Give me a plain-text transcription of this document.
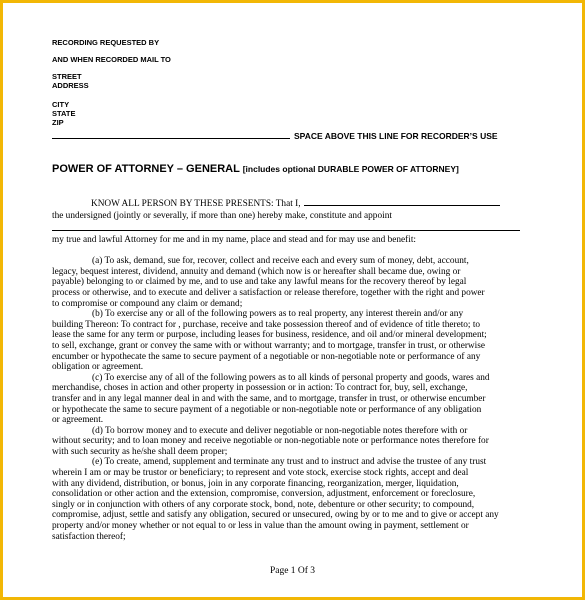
RECORDING REQUESTED BY
AND WHEN RECORDED MAIL TO
STREET
ADDRESS
CITY
STATE
ZIP
SPACE ABOVE THIS LINE FOR RECORDER’S USE
POWER OF ATTORNEY – GENERAL [includes optional DURABLE POWER OF ATTORNEY]
KNOW ALL PERSON BY THESE PRESENTS: That I,
the undersigned (jointly or severally, if more than one) hereby make, constitute and appoint
my true and lawful Attorney for me and in my name, place and stead and for may use and benefit:
(a) To ask, demand, sue for, recover, collect and receive each and every sum of money, debt, account,
legacy, bequest interest, dividend, annuity and demand (which now is or hereafter shall became due, owing or
payable) belonging to or claimed by me, and to use and take any lawful means for the recovery thereof by legal
process or otherwise, and to execute and deliver a satisfaction or release therefore, together with the right and power
to compromise or compound any claim or demand;
(b) To exercise any or all of the following powers as to real property, any interest therein and/or any
building Thereon: To contract for , purchase, receive and take possession thereof and of evidence of title thereto; to
lease the same for any term or purpose, including leases for business, residence, and oil and/or mineral development;
to sell, exchange, grant or convey the same with or without warranty; and to mortgage, transfer in trust, or otherwise
encumber or hypothecate the same to secure payment of a negotiable or non-negotiable note or performance of any
obligation or agreement.
(c) To exercise any of all of the following powers as to all kinds of personal property and goods, wares and
merchandise, choses in action and other property in possession or in action: To contract for, buy, sell, exchange,
transfer and in any legal manner deal in and with the same, and to mortgage, transfer in trust, or otherwise encumber
or hypothecate the same to secure payment of a negotiable or non-negotiable note or performance of any obligation
or agreement.
(d) To borrow money and to execute and deliver negotiable or non-negotiable notes therefore with or
without security; and to loan money and receive negotiable or non-negotiable note or performance notes therefore for
with such security as he/she shall deem proper;
(e) To create, amend, supplement and terminate any trust and to instruct and advise the trustee of any trust
wherein I am or may be trustor or beneficiary; to represent and vote stock, exercise stock rights, accept and deal
with any dividend, distribution, or bonus, join in any corporate financing, reorganization, merger, liquidation,
consolidation or other action and the extension, compromise, conversion, adjustment, enforcement or foreclosure,
singly or in conjunction with others of any corporate stock, bond, note, debenture or other security; to compound,
compromise, adjust, settle and satisfy any obligation, secured or unsecured, owing by or to me and to give or accept any
property and/or money whether or not equal to or less in value than the amount owing in payment, settlement or
satisfaction thereof;
Page 1 Of 3
